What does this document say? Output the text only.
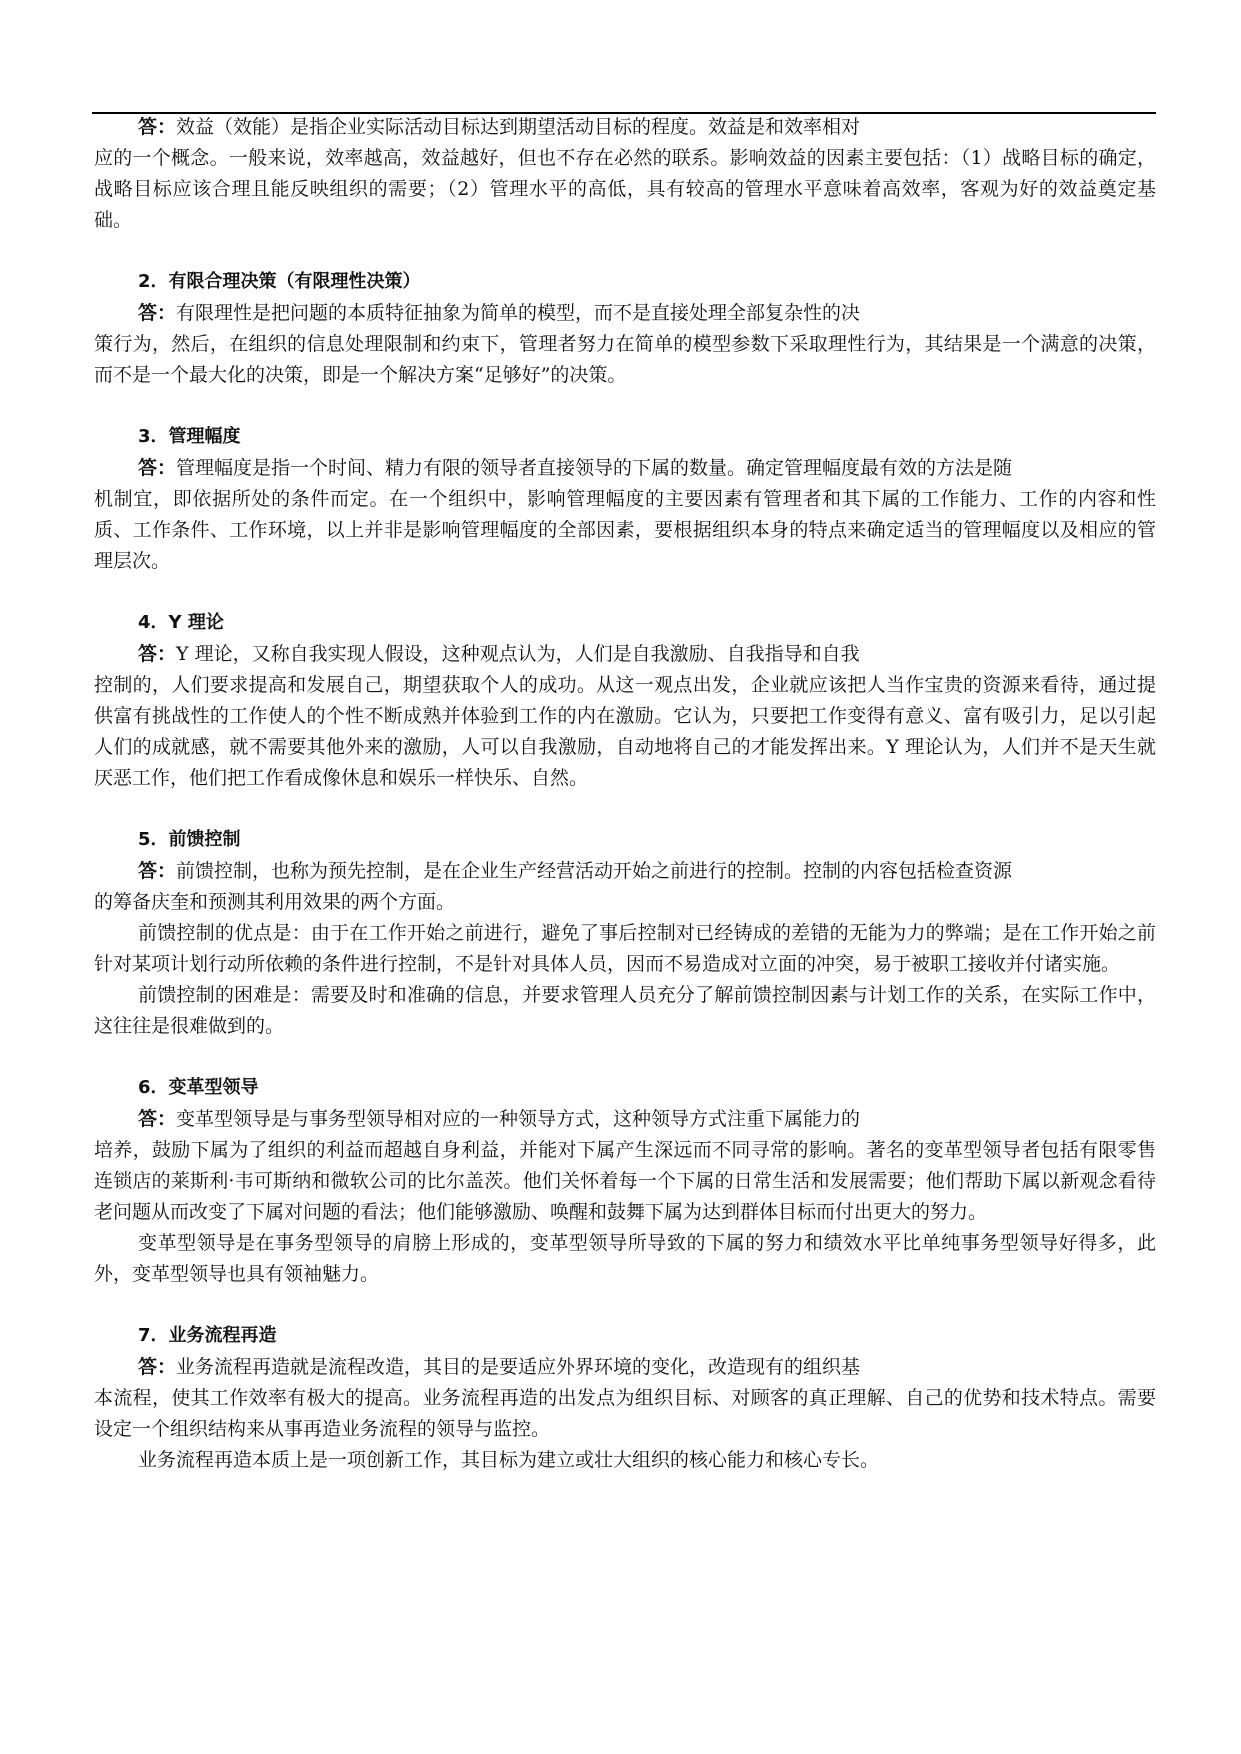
答：效益（效能）是指企业实际活动目标达到期望活动目标的程度。效益是和效率相对

应的一个概念。一般来说，效率越高，效益越好，但也不存在必然的联系。影响效益的因素主要包括：（1）战略目标的确定，战略目标应该合理且能反映组织的需要；（2）管理水平的高低，具有较高的管理水平意味着高效率，客观为好的效益奠定基础。

2．有限合理决策（有限理性决策）

答：有限理性是把问题的本质特征抽象为简单的模型，而不是直接处理全部复杂性的决

策行为，然后，在组织的信息处理限制和约束下，管理者努力在简单的模型参数下采取理性行为，其结果是一个满意的决策，而不是一个最大化的决策，即是一个解决方案“足够好”的决策。

3．管理幅度

答：管理幅度是指一个时间、精力有限的领导者直接领导的下属的数量。确定管理幅度最有效的方法是随

机制宜，即依据所处的条件而定。在一个组织中，影响管理幅度的主要因素有管理者和其下属的工作能力、工作的内容和性质、工作条件、工作环境，以上并非是影响管理幅度的全部因素，要根据组织本身的特点来确定适当的管理幅度以及相应的管理层次。

4．Y 理论

答：Y 理论，又称自我实现人假设，这种观点认为，人们是自我激励、自我指导和自我

控制的，人们要求提高和发展自己，期望获取个人的成功。从这一观点出发，企业就应该把人当作宝贵的资源来看待，通过提供富有挑战性的工作使人的个性不断成熟并体验到工作的内在激励。它认为，只要把工作变得有意义、富有吸引力，足以引起人们的成就感，就不需要其他外来的激励，人可以自我激励，自动地将自己的才能发挥出来。Y 理论认为，人们并不是天生就厌恶工作，他们把工作看成像休息和娱乐一样快乐、自然。

5．前馈控制

答：前馈控制，也称为预先控制，是在企业生产经营活动开始之前进行的控制。控制的内容包括检查资源

的筹备庆奎和预测其利用效果的两个方面。

前馈控制的优点是：由于在工作开始之前进行，避免了事后控制对已经铸成的差错的无能为力的弊端；是在工作开始之前针对某项计划行动所依赖的条件进行控制，不是针对具体人员，因而不易造成对立面的冲突，易于被职工接收并付诸实施。

前馈控制的困难是：需要及时和准确的信息，并要求管理人员充分了解前馈控制因素与计划工作的关系，在实际工作中，这往往是很难做到的。

6．变革型领导

答：变革型领导是与事务型领导相对应的一种领导方式，这种领导方式注重下属能力的

培养，鼓励下属为了组织的利益而超越自身利益，并能对下属产生深远而不同寻常的影响。著名的变革型领导者包括有限零售连锁店的莱斯利·韦可斯纳和微软公司的比尔盖茨。他们关怀着每一个下属的日常生活和发展需要；他们帮助下属以新观念看待老问题从而改变了下属对问题的看法；他们能够激励、唤醒和鼓舞下属为达到群体目标而付出更大的努力。

变革型领导是在事务型领导的肩膀上形成的，变革型领导所导致的下属的努力和绩效水平比单纯事务型领导好得多，此外，变革型领导也具有领袖魅力。

7．业务流程再造

答：业务流程再造就是流程改造，其目的是要适应外界环境的变化，改造现有的组织基

本流程，使其工作效率有极大的提高。业务流程再造的出发点为组织目标、对顾客的真正理解、自己的优势和技术特点。需要设定一个组织结构来从事再造业务流程的领导与监控。

业务流程再造本质上是一项创新工作，其目标为建立或壮大组织的核心能力和核心专长。
